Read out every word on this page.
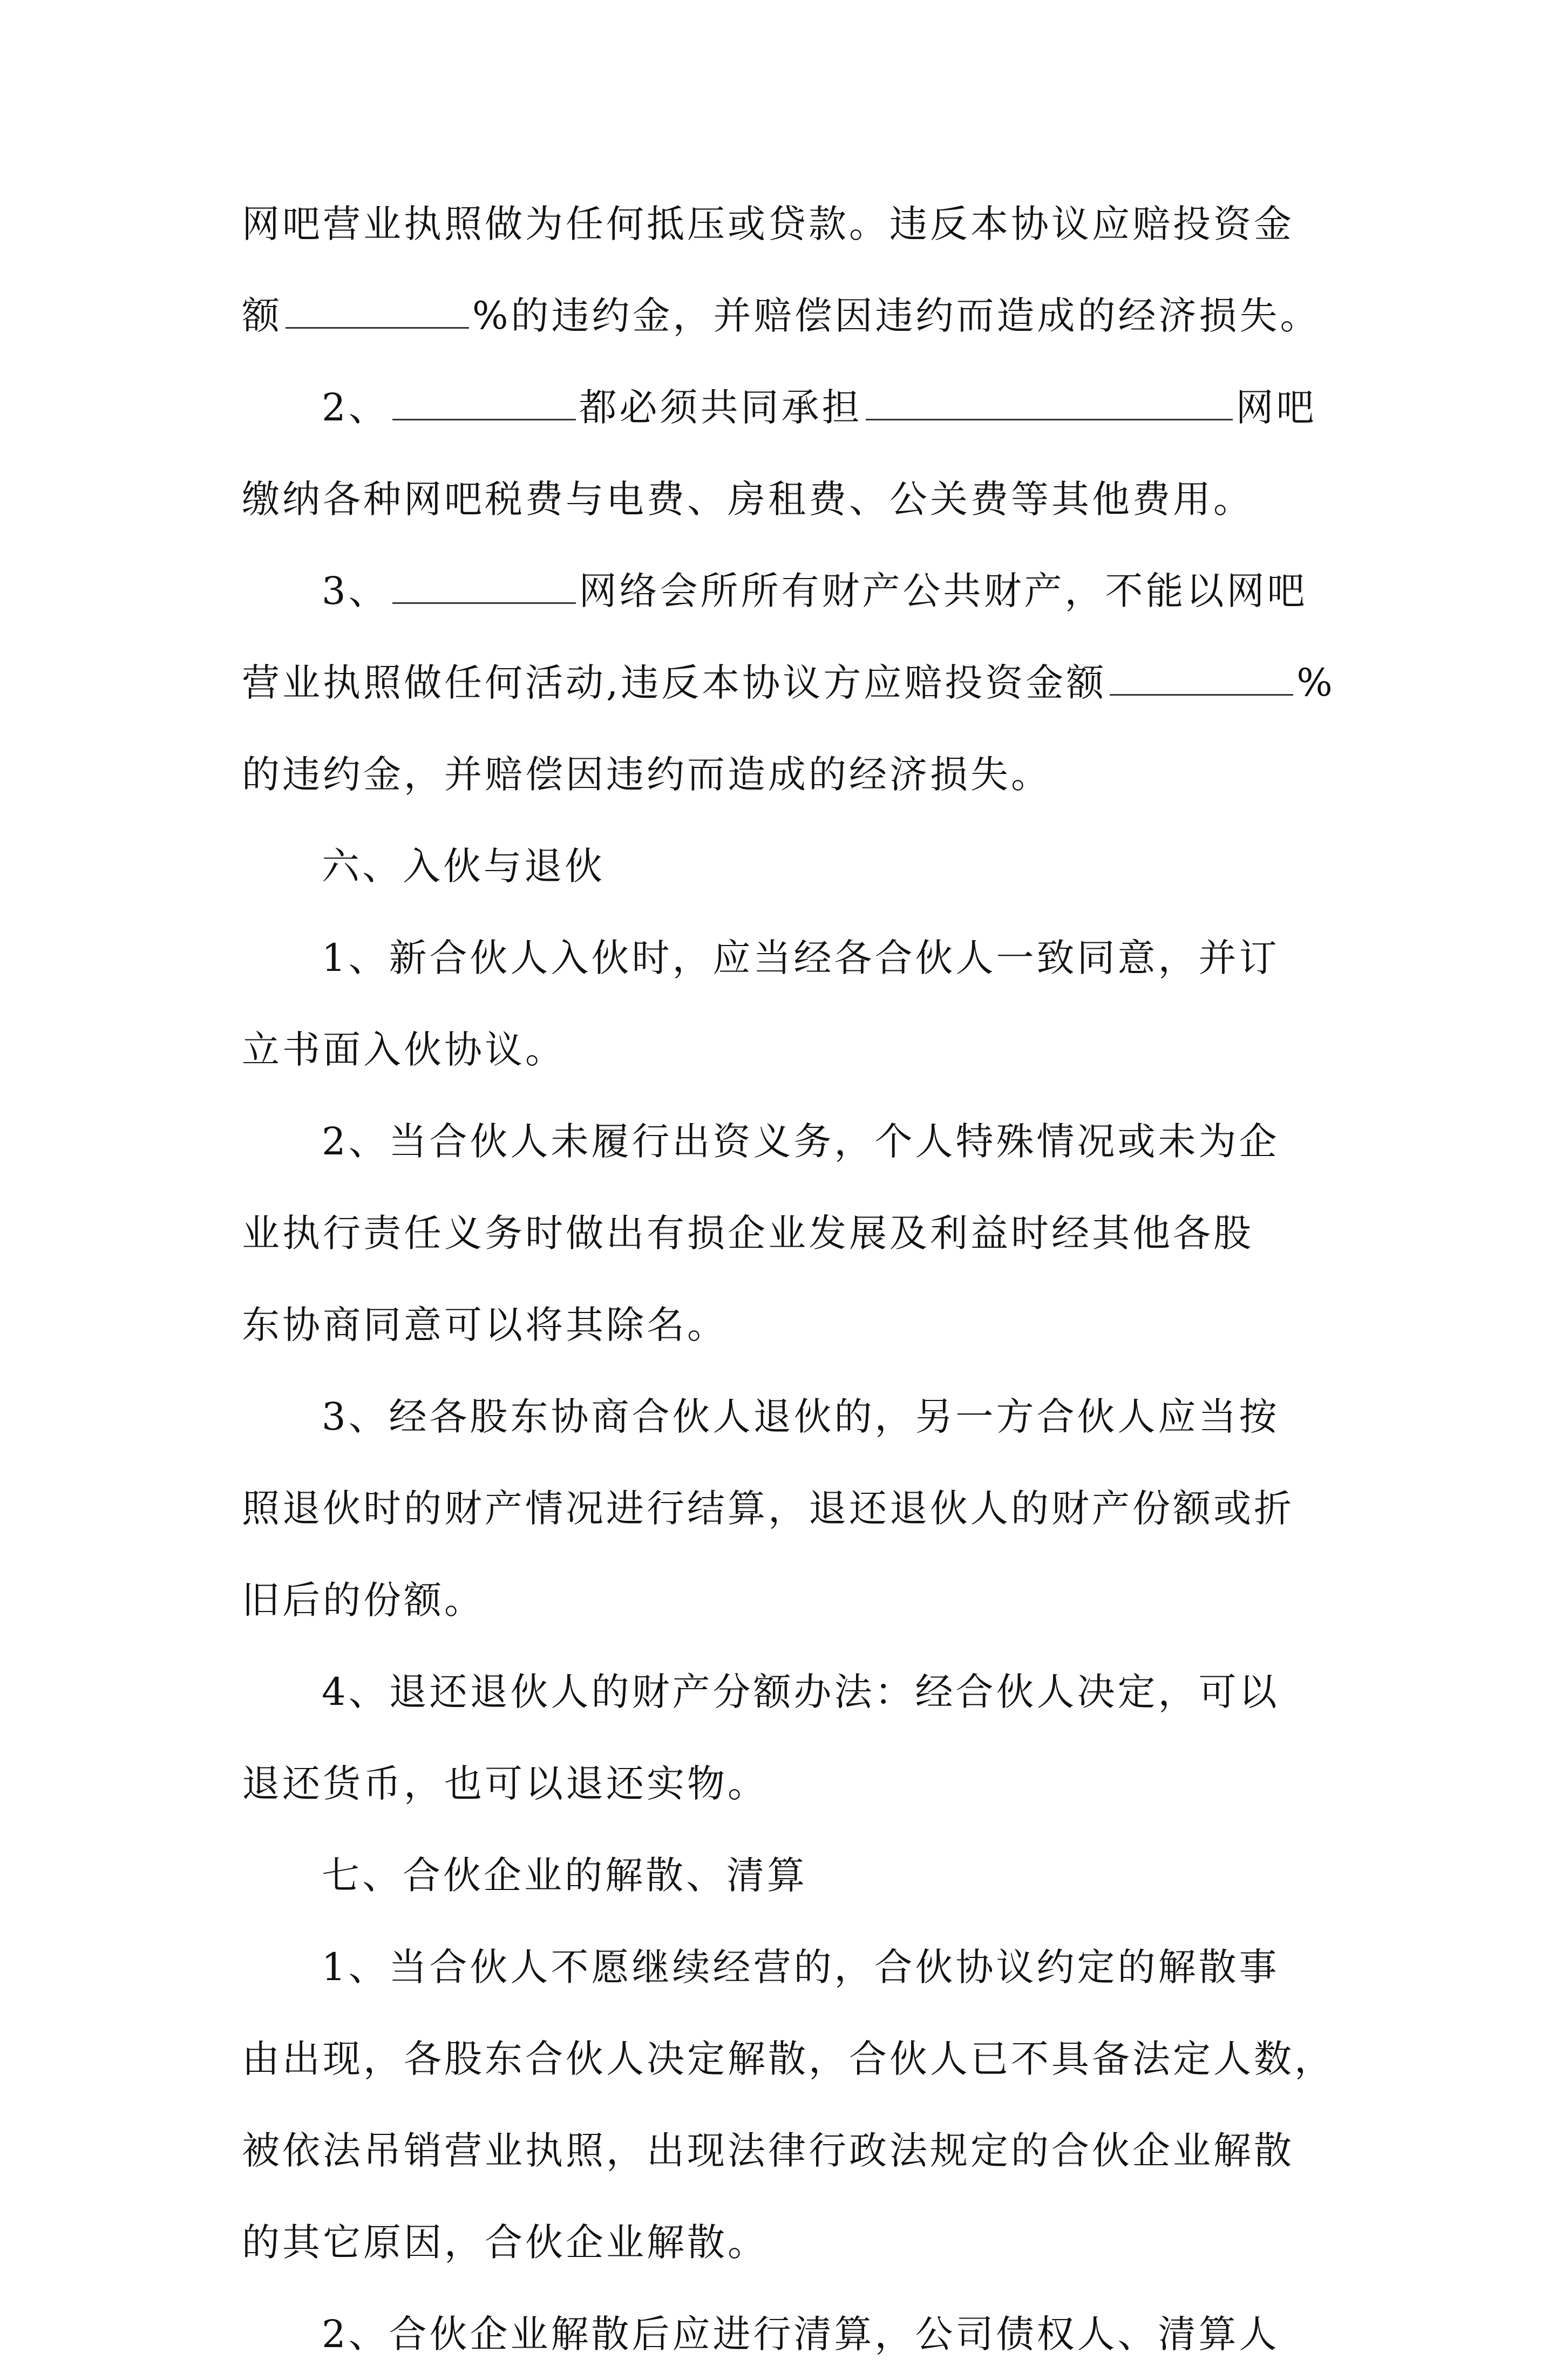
网吧营业执照做为任何抵压或贷款。违反本协议应赔投资金
额	%的违约金，并赔偿因违约而造成的经济损失。
2、	都必须共同承担	网吧
缴纳各种网吧税费与电费、房租费、公关费等其他费用。
3、	网络会所所有财产公共财产，不能以网吧
营业执照做任何活动,违反本协议方应赔投资金额	%
的违约金，并赔偿因违约而造成的经济损失。
六、入伙与退伙
1、新合伙人入伙时，应当经各合伙人一致同意，并订
立书面入伙协议。
2、当合伙人未履行出资义务，个人特殊情况或未为企
业执行责任义务时做出有损企业发展及利益时经其他各股
东协商同意可以将其除名。
3、经各股东协商合伙人退伙的，另一方合伙人应当按
照退伙时的财产情况进行结算，退还退伙人的财产份额或折
旧后的份额。
4、退还退伙人的财产分额办法：经合伙人决定，可以
退还货币，也可以退还实物。
七、合伙企业的解散、清算
1、当合伙人不愿继续经营的，合伙协议约定的解散事
由出现，各股东合伙人决定解散，合伙人已不具备法定人数，
被依法吊销营业执照，出现法律行政法规定的合伙企业解散
的其它原因，合伙企业解散。
2、合伙企业解散后应进行清算，公司债权人、清算人
